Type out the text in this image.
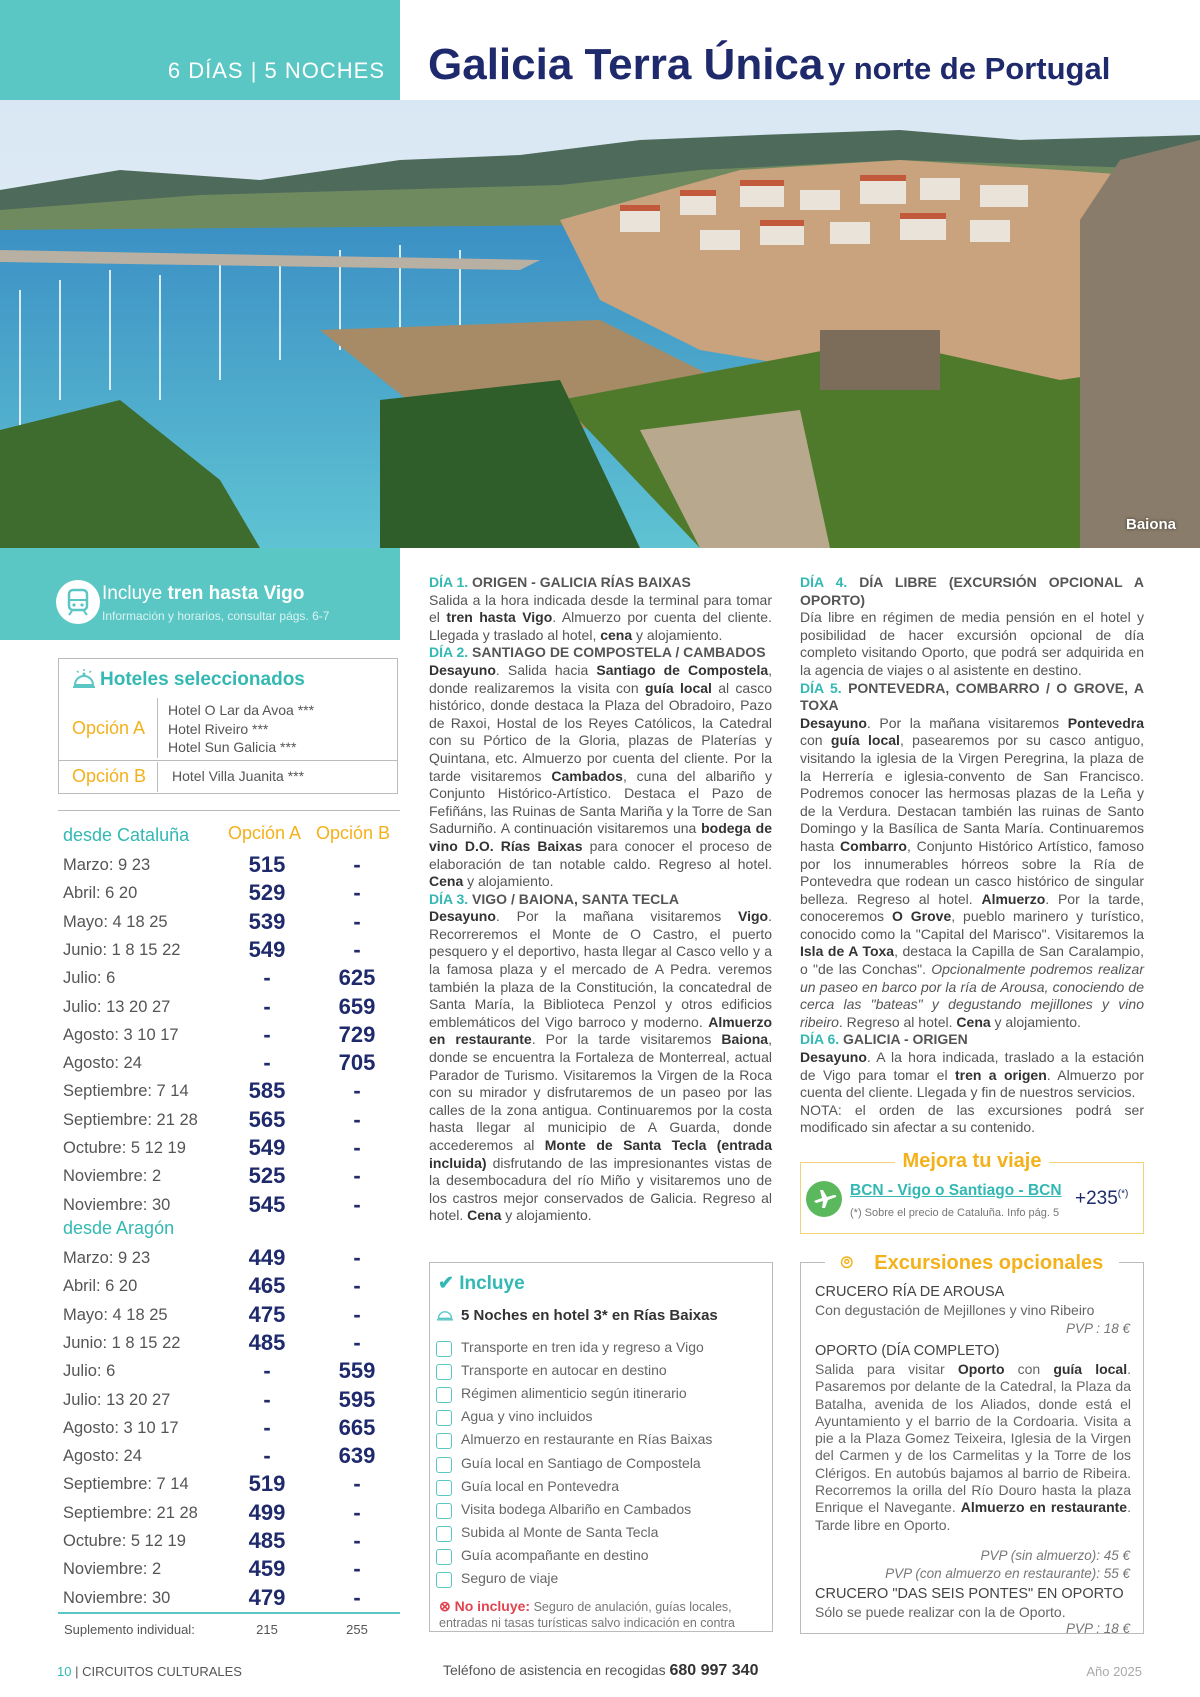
6 DÍAS | 5 NOCHES Galicia Terra Única y norte de Portugal
Baiona
Incluye tren hasta Vigo
Información y horarios, consultar págs. 6-7
Hoteles seleccionados
Opción A
Hotel O Lar da Avoa ***
Hotel Riveiro ***
Hotel Sun Galicia ***
Opción B Hotel Villa Juanita ***
desde Cataluña Opción A Opción B
Marzo: 9 23	515	-
Abril: 6 20	529	-
Mayo: 4 18 25	539	-
Junio: 1 8 15 22	549	-
Julio: 6	-	625
Julio: 13 20 27	-	659
Agosto: 3 10 17	-	729
Agosto: 24	-	705
Septiembre: 7 14	585	-
Septiembre: 21 28	565	-
Octubre: 5 12 19	549	-
Noviembre: 2	525	-
Noviembre: 30	545	-
desde Aragón
Marzo: 9 23	449	-
Abril: 6 20	465	-
Mayo: 4 18 25	475	-
Junio: 1 8 15 22	485	-
Julio: 6	-	559
Julio: 13 20 27	-	595
Agosto: 3 10 17	-	665
Agosto: 24	-	639
Septiembre: 7 14	519	-
Septiembre: 21 28	499	-
Octubre: 5 12 19	485	-
Noviembre: 2	459	-
Noviembre: 30	479	-
Suplemento individual:	215	255

DÍA 1. ORIGEN - GALICIA RÍAS BAIXAS

Salida a la hora indicada desde la terminal para tomar el tren hasta Vigo. Almuerzo por cuenta del cliente. Llegada y traslado al hotel, cena y alojamiento.

DÍA 2. SANTIAGO DE COMPOSTELA / CAMBADOS

Desayuno. Salida hacia Santiago de Compostela, donde realizaremos la visita con guía local al casco histórico, donde destaca la Plaza del Obradoiro, Pazo de Raxoi, Hostal de los Reyes Católicos, la Catedral con su Pórtico de la Gloria, plazas de Platerías y Quintana, etc. Almuerzo por cuenta del cliente. Por la tarde visitaremos Cambados, cuna del albariño y Conjunto Histórico-Artístico. Destaca el Pazo de Fefiñáns, las Ruinas de Santa Mariña y la Torre de San Sadurniño. A continuación visitaremos una bodega de vino D.O. Rías Baixas para conocer el proceso de elaboración de tan notable caldo. Regreso al hotel. Cena y alojamiento.

DÍA 3. VIGO / BAIONA, SANTA TECLA

Desayuno. Por la mañana visitaremos Vigo. Recorreremos el Monte de O Castro, el puerto pesquero y el deportivo, hasta llegar al Casco vello y a la famosa plaza y el mercado de A Pedra. veremos también la plaza de la Constitución, la concatedral de Santa María, la Biblioteca Penzol y otros edificios emblemáticos del Vigo barroco y moderno. Almuerzo en restaurante. Por la tarde visitaremos Baiona, donde se encuentra la Fortaleza de Monterreal, actual Parador de Turismo. Visitaremos la Virgen de la Roca con su mirador y disfrutaremos de un paseo por las calles de la zona antigua. Continuaremos por la costa hasta llegar al municipio de A Guarda, donde accederemos al Monte de Santa Tecla (entrada incluida) disfrutando de las impresionantes vistas de la desembocadura del río Miño y visitaremos uno de los castros mejor conservados de Galicia. Regreso al hotel. Cena y alojamiento.

DÍA 4. DÍA LIBRE (EXCURSIÓN OPCIONAL A OPORTO)

Día libre en régimen de media pensión en el hotel y posibilidad de hacer excursión opcional de día completo visitando Oporto, que podrá ser adquirida en la agencia de viajes o al asistente en destino.

DÍA 5. PONTEVEDRA, COMBARRO / O GROVE, A TOXA

Desayuno. Por la mañana visitaremos Pontevedra con guía local, pasearemos por su casco antiguo, visitando la iglesia de la Virgen Peregrina, la plaza de la Herrería e iglesia-convento de San Francisco. Podremos conocer las hermosas plazas de la Leña y de la Verdura. Destacan también las ruinas de Santo Domingo y la Basílica de Santa María. Continuaremos hasta Combarro, Conjunto Histórico Artístico, famoso por los innumerables hórreos sobre la Ría de Pontevedra que rodean un casco histórico de singular belleza. Regreso al hotel. Almuerzo. Por la tarde, conoceremos O Grove, pueblo marinero y turístico, conocido como la "Capital del Marisco". Visitaremos la Isla de A Toxa, destaca la Capilla de San Caralampio, o "de las Conchas". Opcionalmente podremos realizar un paseo en barco por la ría de Arousa, conociendo de cerca las "bateas" y degustando mejillones y vino ribeiro. Regreso al hotel. Cena y alojamiento.

DÍA 6. GALICIA - ORIGEN

Desayuno. A la hora indicada, traslado a la estación de Vigo para tomar el tren a origen. Almuerzo por cuenta del cliente. Llegada y fin de nuestros servicios.

NOTA: el orden de las excursiones podrá ser modificado sin afectar a su contenido.

✔ Incluye
5 Noches en hotel 3* en Rías Baixas
Transporte en tren ida y regreso a Vigo
Transporte en autocar en destino
Régimen alimenticio según itinerario
Agua y vino incluidos
Almuerzo en restaurante en Rías Baixas
Guía local en Santiago de Compostela
Guía local en Pontevedra
Visita bodega Albariño en Cambados
Subida al Monte de Santa Tecla
Guía acompañante en destino
Seguro de viaje
⊗ No incluye: Seguro de anulación, guías locales, entradas ni tasas turísticas salvo indicación en contra
Mejora tu viaje
BCN - Vigo o Santiago - BCN
(*) Sobre el precio de Cataluña. Info pág. 5
+235(*)
⌾ Excursiones opcionales
CRUCERO RÍA DE AROUSA
Con degustación de Mejillones y vino Ribeiro
PVP : 18 €
OPORTO (DÍA COMPLETO)
Salida para visitar Oporto con guía local. Pasaremos por delante de la Catedral, la Plaza da Batalha, avenida de los Aliados, donde está el Ayuntamiento y el barrio de la Cordoaria. Visita a pie a la Plaza Gomez Teixeira, Iglesia de la Virgen del Carmen y de los Carmelitas y la Torre de los Clérigos. En autobús bajamos al barrio de Ribeira. Recorremos la orilla del Río Douro hasta la plaza Enrique el Navegante. Almuerzo en restaurante. Tarde libre en Oporto.
PVP (sin almuerzo): 45 €
PVP (con almuerzo en restaurante): 55 €
CRUCERO "DAS SEIS PONTES" EN OPORTO
Sólo se puede realizar con la de Oporto.
PVP : 18 €
10 | CIRCUITOS CULTURALES	Teléfono de asistencia en recogidas 680 997 340	Año 2025
